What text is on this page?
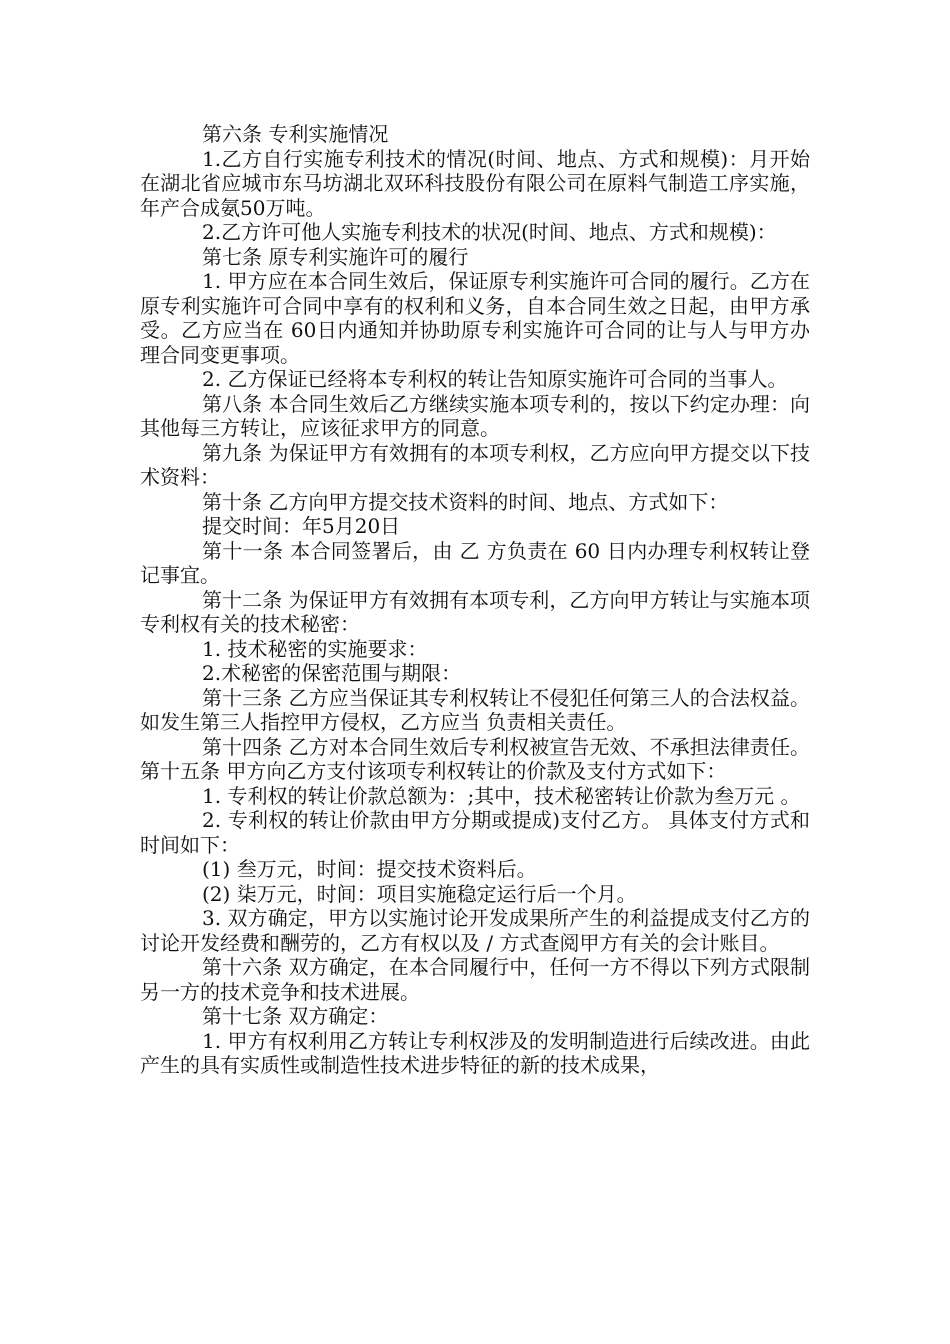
第六条 专利实施情况

1.乙方自行实施专利技术的情况(时间、地点、方式和规模)：月开始在湖北省应城市东马坊湖北双环科技股份有限公司在原料气制造工序实施，年产合成氨50万吨。

2.乙方许可他人实施专利技术的状况(时间、地点、方式和规模)：

第七条 原专利实施许可的履行

1. 甲方应在本合同生效后，保证原专利实施许可合同的履行。乙方在原专利实施许可合同中享有的权利和义务，自本合同生效之日起，由甲方承受。乙方应当在 60日内通知并协助原专利实施许可合同的让与人与甲方办理合同变更事项。

2. 乙方保证已经将本专利权的转让告知原实施许可合同的当事人。

第八条 本合同生效后乙方继续实施本项专利的，按以下约定办理：向其他每三方转让，应该征求甲方的同意。

第九条 为保证甲方有效拥有的本项专利权，乙方应向甲方提交以下技术资料：

第十条 乙方向甲方提交技术资料的时间、地点、方式如下：

提交时间：年5月20日

第十一条 本合同签署后，由 乙 方负责在 60 日内办理专利权转让登记事宜。

第十二条 为保证甲方有效拥有本项专利，乙方向甲方转让与实施本项专利权有关的技术秘密：

1. 技术秘密的实施要求：

2.术秘密的保密范围与期限：

第十三条 乙方应当保证其专利权转让不侵犯任何第三人的合法权益。如发生第三人指控甲方侵权，乙方应当 负责相关责任。

第十四条 乙方对本合同生效后专利权被宣告无效、不承担法律责任。 第十五条 甲方向乙方支付该项专利权转让的价款及支付方式如下：

1. 专利权的转让价款总额为：;其中，技术秘密转让价款为叁万元 。

2. 专利权的转让价款由甲方分期或提成)支付乙方。 具体支付方式和时间如下：

(1) 叁万元，时间：提交技术资料后。

(2) 柒万元，时间：项目实施稳定运行后一个月。

3. 双方确定，甲方以实施讨论开发成果所产生的利益提成支付乙方的讨论开发经费和酬劳的，乙方有权以及 / 方式查阅甲方有关的会计账目。

第十六条 双方确定，在本合同履行中，任何一方不得以下列方式限制另一方的技术竞争和技术进展。

第十七条 双方确定：

1. 甲方有权利用乙方转让专利权涉及的发明制造进行后续改进。由此产生的具有实质性或制造性技术进步特征的新的技术成果，
